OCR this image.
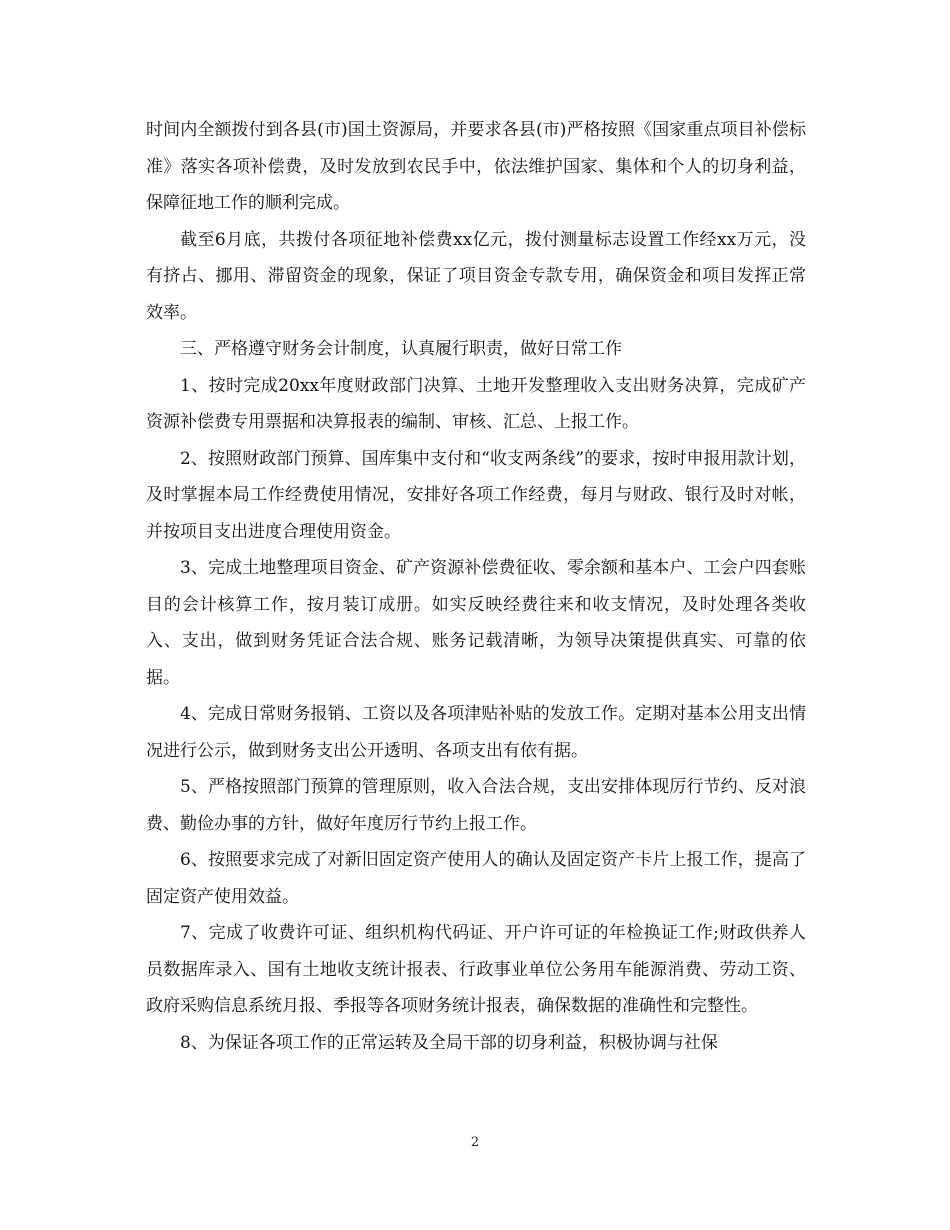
时间内全额拨付到各县(市)国土资源局，并要求各县(市)严格按照《国家重点项目补偿标准》落实各项补偿费，及时发放到农民手中，依法维护国家、集体和个人的切身利益，保障征地工作的顺利完成。

截至6月底，共拨付各项征地补偿费xx亿元，拨付测量标志设置工作经xx万元，没有挤占、挪用、滞留资金的现象，保证了项目资金专款专用，确保资金和项目发挥正常效率。

三、严格遵守财务会计制度，认真履行职责，做好日常工作

1、按时完成20xx年度财政部门决算、土地开发整理收入支出财务决算，完成矿产资源补偿费专用票据和决算报表的编制、审核、汇总、上报工作。

2、按照财政部门预算、国库集中支付和“收支两条线”的要求，按时申报用款计划，及时掌握本局工作经费使用情况，安排好各项工作经费，每月与财政、银行及时对帐，并按项目支出进度合理使用资金。

3、完成土地整理项目资金、矿产资源补偿费征收、零余额和基本户、工会户四套账目的会计核算工作，按月装订成册。如实反映经费往来和收支情况，及时处理各类收入、支出，做到财务凭证合法合规、账务记载清晰，为领导决策提供真实、可靠的依据。

4、完成日常财务报销、工资以及各项津贴补贴的发放工作。定期对基本公用支出情况进行公示，做到财务支出公开透明、各项支出有依有据。

5、严格按照部门预算的管理原则，收入合法合规，支出安排体现厉行节约、反对浪费、勤俭办事的方针，做好年度厉行节约上报工作。

6、按照要求完成了对新旧固定资产使用人的确认及固定资产卡片上报工作，提高了固定资产使用效益。

7、完成了收费许可证、组织机构代码证、开户许可证的年检换证工作;财政供养人员数据库录入、国有土地收支统计报表、行政事业单位公务用车能源消费、劳动工资、政府采购信息系统月报、季报等各项财务统计报表，确保数据的准确性和完整性。

8、为保证各项工作的正常运转及全局干部的切身利益，积极协调与社保

2
